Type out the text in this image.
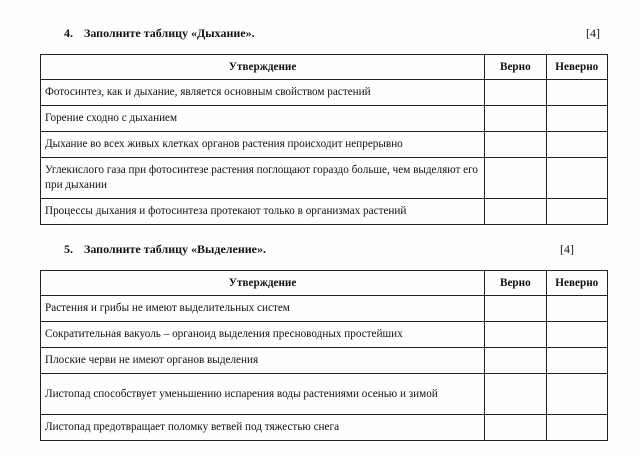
4. Заполните таблицу «Дыхание».	[4]
Утверждение	Верно	Неверно
Фотосинтез, как и дыхание, является основным свойством растений		
Горение сходно с дыханием		
Дыхание во всех живых клетках органов растения происходит непрерывно		
Углекислого газа при фотосинтезе растения поглощают гораздо больше, чем выделяют его при дыхании		
Процессы дыхания и фотосинтеза протекают только в организмах растений		
5. Заполните таблицу «Выделение».	[4]
Утверждение	Верно	Неверно
Растения и грибы не имеют выделительных систем		
Сократительная вакуоль – органоид выделения пресноводных простейших		
Плоские черви не имеют органов выделения		
Листопад способствует уменьшению испарения воды растениями осенью и зимой		
Листопад предотвращает поломку ветвей под тяжестью снега		
